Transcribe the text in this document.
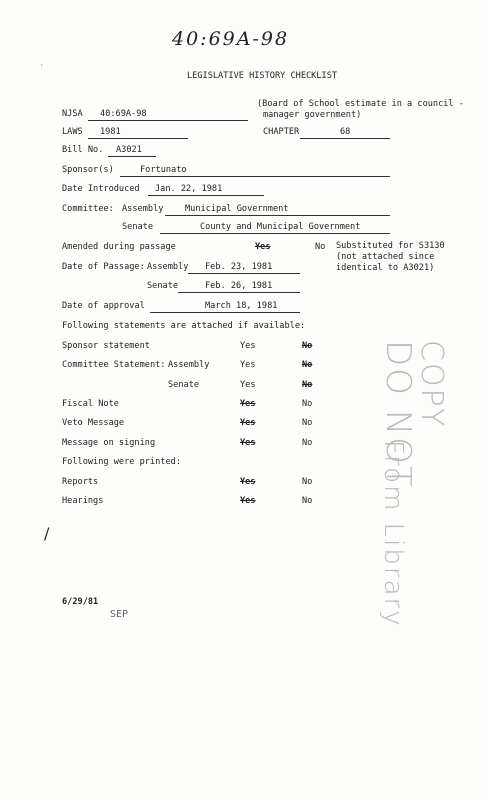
40:69A-98
·
LEGISLATIVE HISTORY CHECKLIST
NJSA 40:69A-98
(Board of School estimate in a council -
manager government)
LAWS 1981	CHAPTER	68
Bill No. A3021
Sponsor(s)	Fortunato
Date Introduced Jan. 22, 1981
Committee: Assembly	Municipal Government
Senate	County and Municipal Government
Amended during passage	Yes	No Substituted for S3130
(not attached since
identical to A3021)
Date of Passage: Assembly Feb. 23, 1981
Senate	Feb. 26, 1981
Date of approval	March 18, 1981
Following statements are attached if available:
Sponsor statement	Yes	No
Committee Statement: Assembly	Yes	No
Senate	Yes	No
Fiscal Note	Yes	No
Veto Message	Yes	No
Message on signing	Yes	No
Following were printed:
Reports	Yes	No
Hearings	Yes	No
DO NOT
From Library
COPY
/
6/29/81
SEP
